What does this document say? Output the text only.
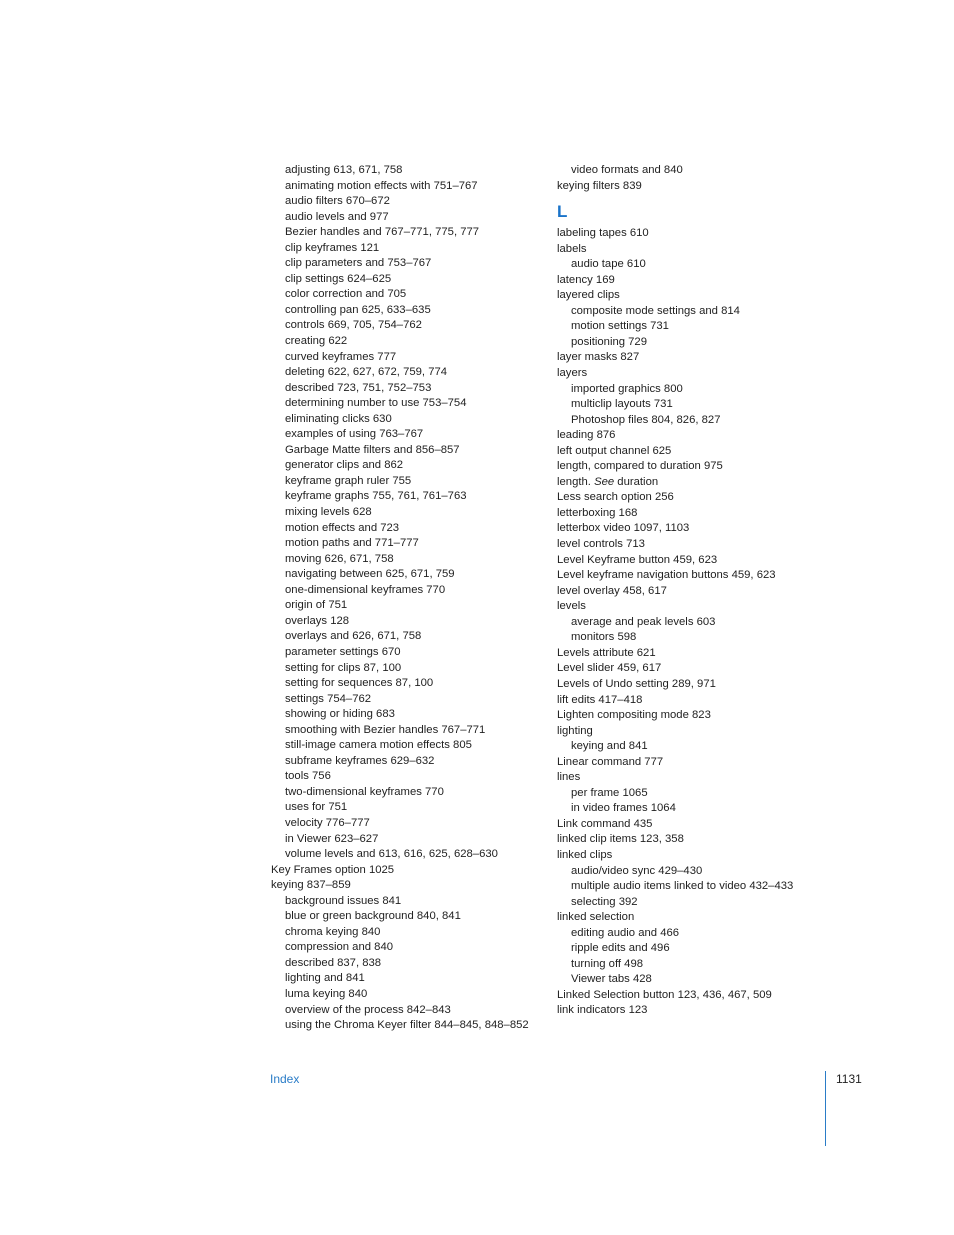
adjusting 613, 671, 758
animating motion effects with 751–767
audio filters 670–672
audio levels and 977
Bezier handles and 767–771, 775, 777
clip keyframes 121
clip parameters and 753–767
clip settings 624–625
color correction and 705
controlling pan 625, 633–635
controls 669, 705, 754–762
creating 622
curved keyframes 777
deleting 622, 627, 672, 759, 774
described 723, 751, 752–753
determining number to use 753–754
eliminating clicks 630
examples of using 763–767
Garbage Matte filters and 856–857
generator clips and 862
keyframe graph ruler 755
keyframe graphs 755, 761, 761–763
mixing levels 628
motion effects and 723
motion paths and 771–777
moving 626, 671, 758
navigating between 625, 671, 759
one-dimensional keyframes 770
origin of 751
overlays 128
overlays and 626, 671, 758
parameter settings 670
setting for clips 87, 100
setting for sequences 87, 100
settings 754–762
showing or hiding 683
smoothing with Bezier handles 767–771
still-image camera motion effects 805
subframe keyframes 629–632
tools 756
two-dimensional keyframes 770
uses for 751
velocity 776–777
in Viewer 623–627
volume levels and 613, 616, 625, 628–630
Key Frames option 1025
keying 837–859
background issues 841
blue or green background 840, 841
chroma keying 840
compression and 840
described 837, 838
lighting and 841
luma keying 840
overview of the process 842–843
using the Chroma Keyer filter 844–845, 848–852
video formats and 840
keying filters 839
L
labeling tapes 610
labels
audio tape 610
latency 169
layered clips
composite mode settings and 814
motion settings 731
positioning 729
layer masks 827
layers
imported graphics 800
multiclip layouts 731
Photoshop files 804, 826, 827
leading 876
left output channel 625
length, compared to duration 975
length. See duration
Less search option 256
letterboxing 168
letterbox video 1097, 1103
level controls 713
Level Keyframe button 459, 623
Level keyframe navigation buttons 459, 623
level overlay 458, 617
levels
average and peak levels 603
monitors 598
Levels attribute 621
Level slider 459, 617
Levels of Undo setting 289, 971
lift edits 417–418
Lighten compositing mode 823
lighting
keying and 841
Linear command 777
lines
per frame 1065
in video frames 1064
Link command 435
linked clip items 123, 358
linked clips
audio/video sync 429–430
multiple audio items linked to video 432–433
selecting 392
linked selection
editing audio and 466
ripple edits and 496
turning off 498
Viewer tabs 428
Linked Selection button 123, 436, 467, 509
link indicators 123
Index	1131
